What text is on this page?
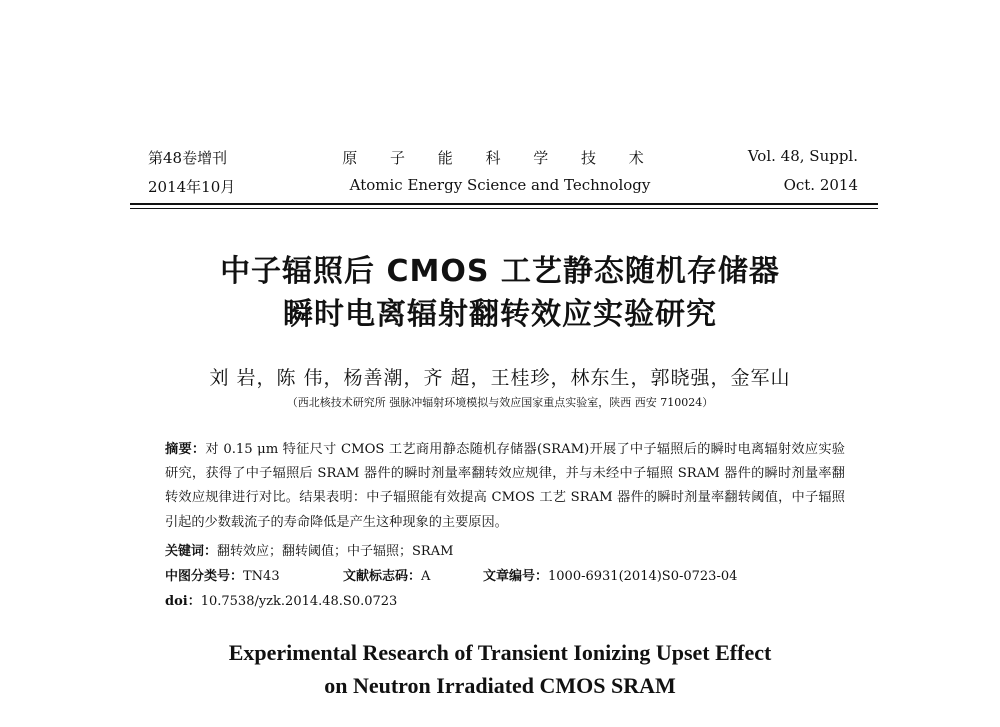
第48卷增刊
2014年10月
原 子 能 科 学 技 术
Atomic Energy Science and Technology
Vol. 48, Suppl.
Oct. 2014
中子辐照后 CMOS 工艺静态随机存储器
瞬时电离辐射翻转效应实验研究
刘 岩，陈 伟，杨善潮，齐 超，王桂珍，林东生，郭晓强，金军山
（西北核技术研究所 强脉冲辐射环境模拟与效应国家重点实验室，陕西 西安 710024）

摘要：对 0.15 μm 特征尺寸 CMOS 工艺商用静态随机存储器(SRAM)开展了中子辐照后的瞬时电离辐射效应实验研究，获得了中子辐照后 SRAM 器件的瞬时剂量率翻转效应规律，并与未经中子辐照 SRAM 器件的瞬时剂量率翻转效应规律进行对比。结果表明：中子辐照能有效提高 CMOS 工艺 SRAM 器件的瞬时剂量率翻转阈值，中子辐照引起的少数载流子的寿命降低是产生这种现象的主要原因。

关键词：翻转效应；翻转阈值；中子辐照；SRAM
中图分类号：TN43	文献标志码：A	文章编号：1000-6931(2014)S0-0723-04
doi：10.7538/yzk.2014.48.S0.0723
Experimental Research of Transient Ionizing Upset Effect
on Neutron Irradiated CMOS SRAM
